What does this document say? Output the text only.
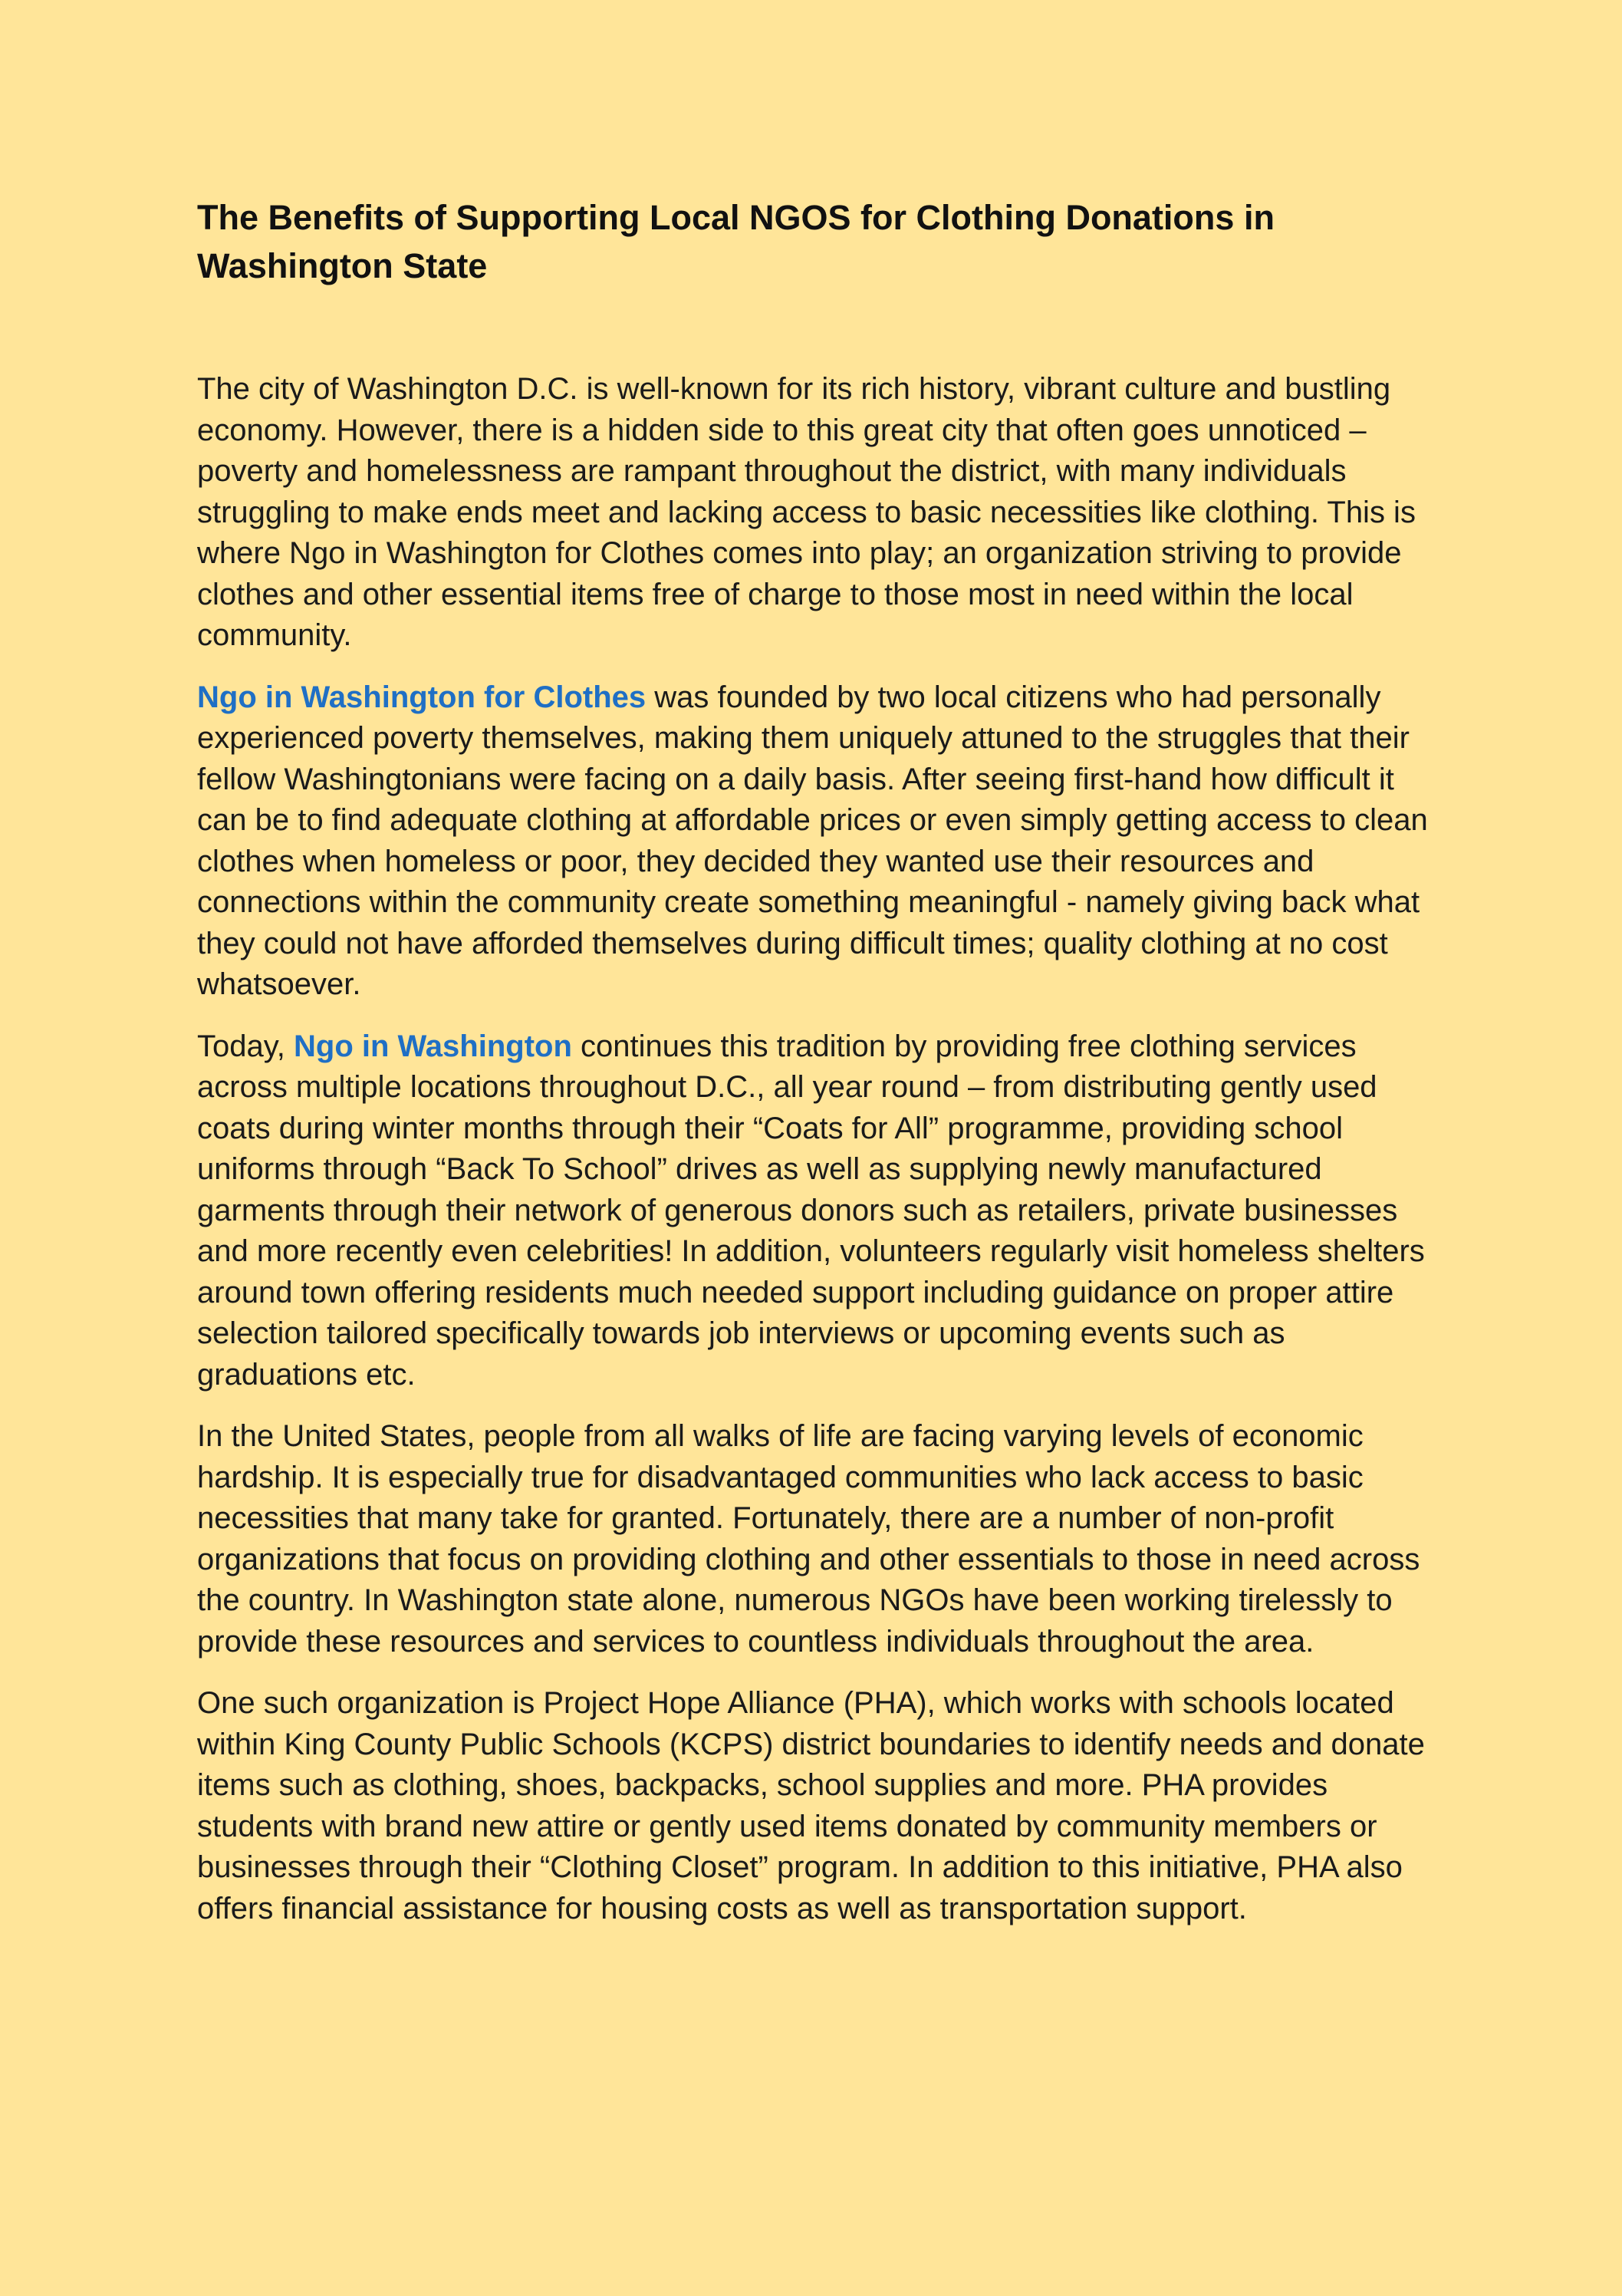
The Benefits of Supporting Local NGOS for Clothing Donations in Washington State

The city of Washington D.C. is well-known for its rich history, vibrant culture and bustling economy. However, there is a hidden side to this great city that often goes unnoticed – poverty and homelessness are rampant throughout the district, with many individuals struggling to make ends meet and lacking access to basic necessities like clothing. This is where Ngo in Washington for Clothes comes into play; an organization striving to provide clothes and other essential items free of charge to those most in need within the local community.

Ngo in Washington for Clothes was founded by two local citizens who had personally experienced poverty themselves, making them uniquely attuned to the struggles that their fellow Washingtonians were facing on a daily basis. After seeing first-hand how difficult it can be to find adequate clothing at affordable prices or even simply getting access to clean clothes when homeless or poor, they decided they wanted use their resources and connections within the community create something meaningful - namely giving back what they could not have afforded themselves during difficult times; quality clothing at no cost whatsoever.

Today, Ngo in Washington continues this tradition by providing free clothing services across multiple locations throughout D.C., all year round – from distributing gently used coats during winter months through their “Coats for All” programme, providing school uniforms through “Back To School” drives as well as supplying newly manufactured garments through their network of generous donors such as retailers, private businesses and more recently even celebrities! In addition, volunteers regularly visit homeless shelters around town offering residents much needed support including guidance on proper attire selection tailored specifically towards job interviews or upcoming events such as graduations etc.

In the United States, people from all walks of life are facing varying levels of economic hardship. It is especially true for disadvantaged communities who lack access to basic necessities that many take for granted. Fortunately, there are a number of non-profit organizations that focus on providing clothing and other essentials to those in need across the country. In Washington state alone, numerous NGOs have been working tirelessly to provide these resources and services to countless individuals throughout the area.

One such organization is Project Hope Alliance (PHA), which works with schools located within King County Public Schools (KCPS) district boundaries to identify needs and donate items such as clothing, shoes, backpacks, school supplies and more. PHA provides students with brand new attire or gently used items donated by community members or businesses through their “Clothing Closet” program. In addition to this initiative, PHA also offers financial assistance for housing costs as well as transportation support.
